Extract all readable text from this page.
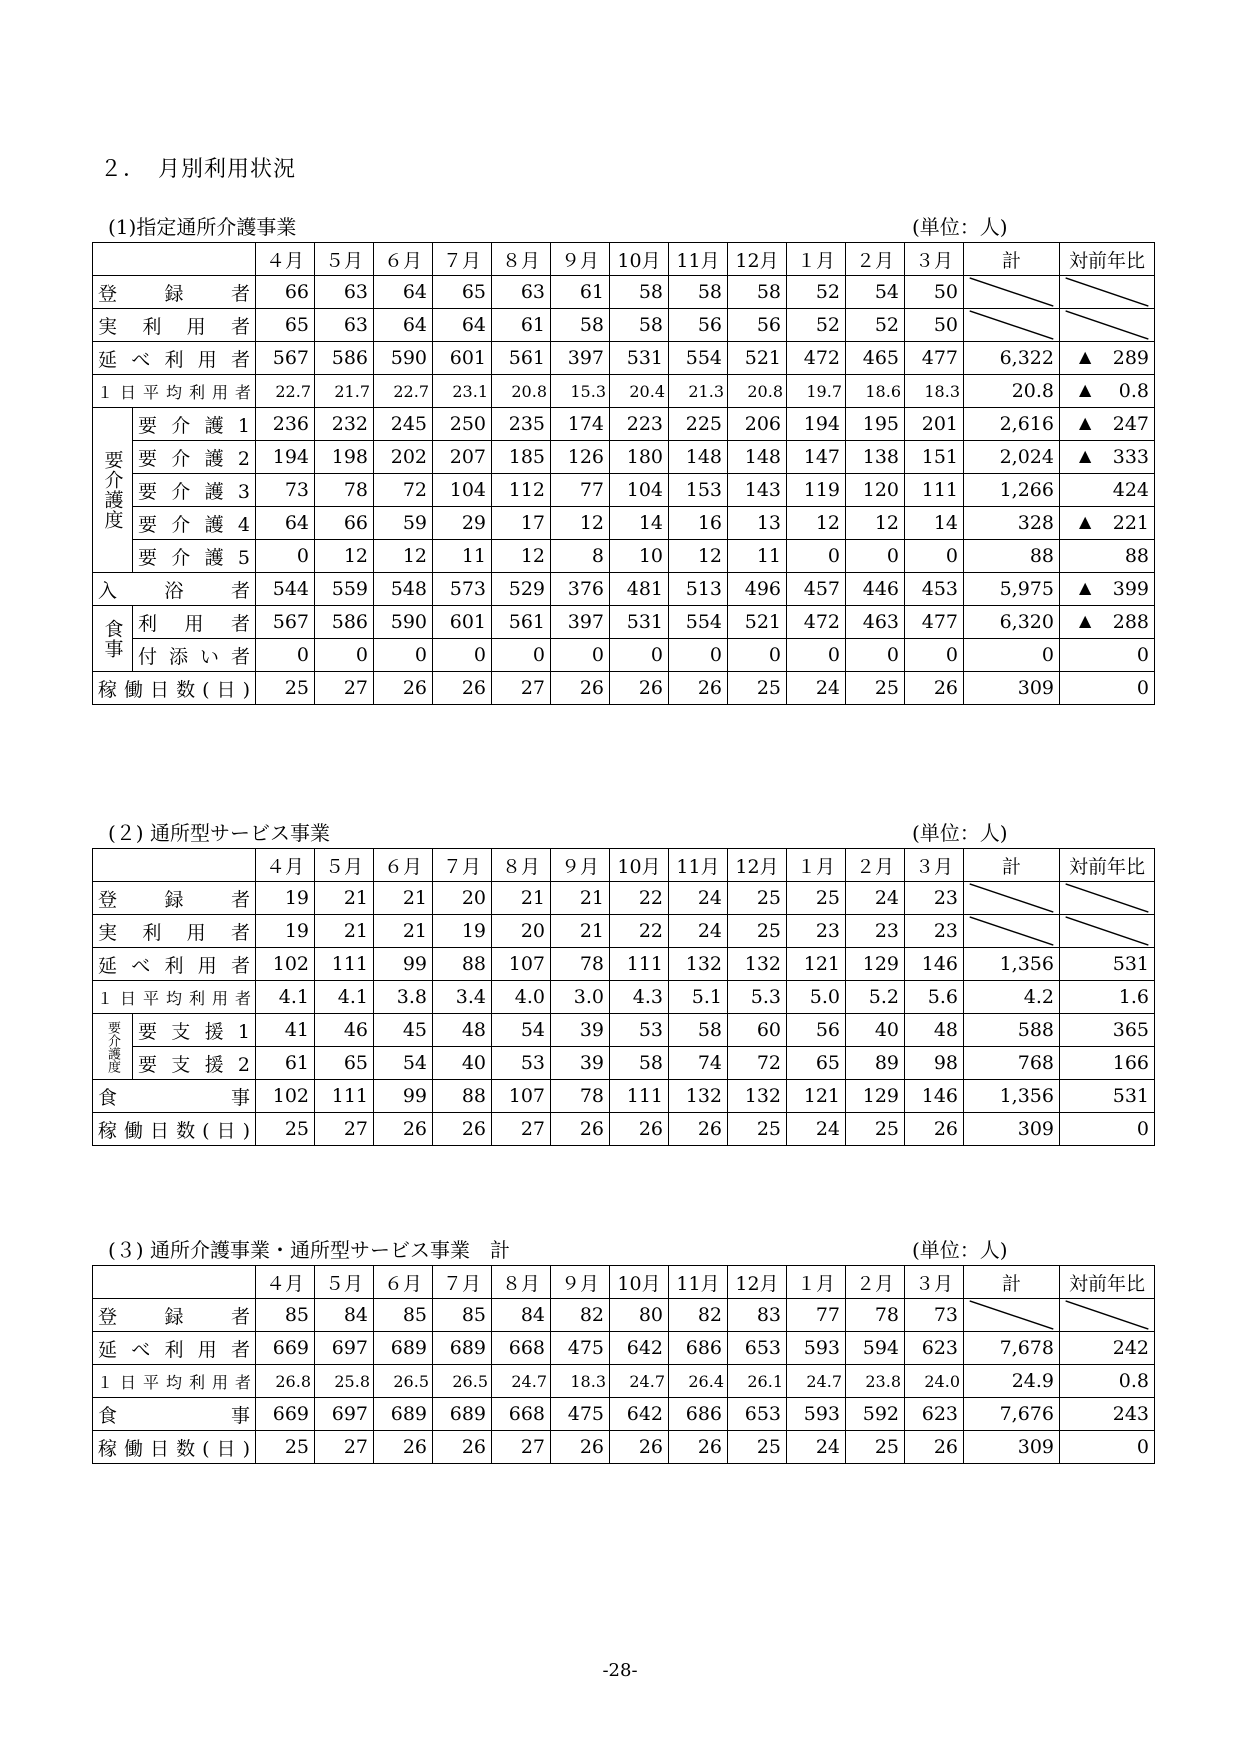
２．　月別利用状況
(1)指定通所介護事業	(単位：人)
		４月	５月	６月	７月	８月	９月	10月	11月	12月	１月	２月	３月	計	対前年比
登 録 者		66	63	64	65	63	61	58	58	58	52	54	50	

実 利 用 者		65	63	64	64	61	58	58	56	56	52	52	50	

延べ利用者		567	586	590	601	561	397	531	554	521	472	465	477	6,322	▲ 289
１日平均利用者		22.7	21.7	22.7	23.1	20.8	15.3	20.4	21.3	20.8	19.7	18.6	18.3	20.8	▲ 0.8

要介護度	要 介 護 1	236	232	245	250	235	174	223	225	206	194	195	201	2,616	▲ 247
	要 介 護 2	194	198	202	207	185	126	180	148	148	147	138	151	2,024	▲ 333
	要 介 護 3	73	78	72	104	112	77	104	153	143	119	120	111	1,266	424
	要 介 護 4	64	66	59	29	17	12	14	16	13	12	12	14	328	▲ 221
	要 介 護 5	0	12	12	11	12	8	10	12	11	0	0	0	88	88
入 浴 者		544	559	548	573	529	376	481	513	496	457	446	453	5,975	▲ 399

食事	利 用 者	567	586	590	601	561	397	531	554	521	472	463	477	6,320	▲ 288
	付 添 い 者	0	0	0	0	0	0	0	0	0	0	0	0	0	0
稼働日数(日)		25	27	26	26	27	26	26	26	25	24	25	26	309	0
(２) 通所型サービス事業	(単位：人)
		４月	５月	６月	７月	８月	９月	10月	11月	12月	１月	２月	３月	計	対前年比
登 録 者		19	21	21	20	21	21	22	24	25	25	24	23	

実 利 用 者		19	21	21	19	20	21	22	24	25	23	23	23	

延べ利用者		102	111	99	88	107	78	111	132	132	121	129	146	1,356	531
１日平均利用者		4.1	4.1	3.8	3.4	4.0	3.0	4.3	5.1	5.3	5.0	5.2	5.6	4.2	1.6

要介護度	要 支 援 1	41	46	45	48	54	39	53	58	60	56	40	48	588	365
	要 支 援 2	61	65	54	40	53	39	58	74	72	65	89	98	768	166
食 事		102	111	99	88	107	78	111	132	132	121	129	146	1,356	531
稼働日数(日)		25	27	26	26	27	26	26	26	25	24	25	26	309	0
(３) 通所介護事業・通所型サービス事業　計	(単位：人)
	４月	５月	６月	７月	８月	９月	10月	11月	12月	１月	２月	３月	計	対前年比
登 録 者	85	84	85	85	84	82	80	82	83	77	78	73	

延べ利用者	669	697	689	689	668	475	642	686	653	593	594	623	7,678	242
１日平均利用者	26.8	25.8	26.5	26.5	24.7	18.3	24.7	26.4	26.1	24.7	23.8	24.0	24.9	0.8
食 事	669	697	689	689	668	475	642	686	653	593	592	623	7,676	243
稼働日数(日)	25	27	26	26	27	26	26	26	25	24	25	26	309	0
-28-
